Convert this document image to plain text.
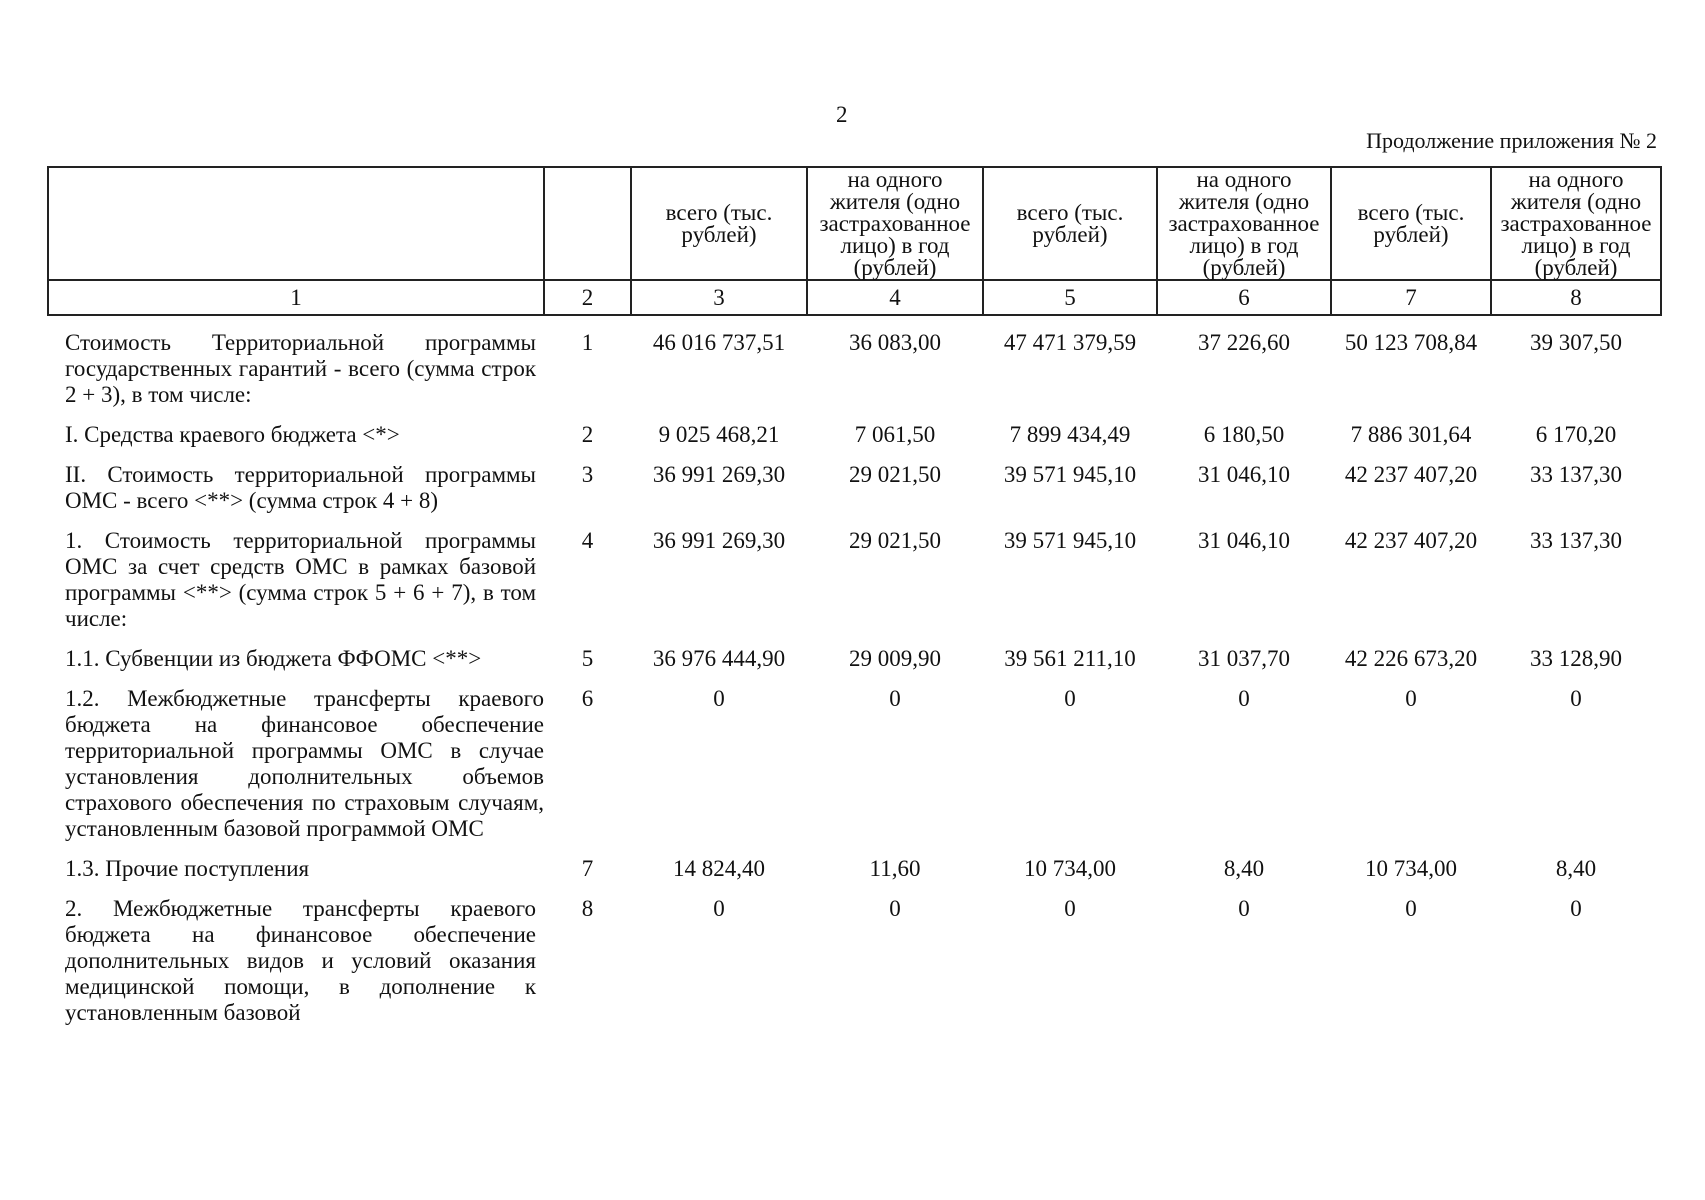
2
Продолжение приложения № 2
		всего (тыс. рублей)	на одного жителя (одно застрахованное лицо) в год (рублей)	всего (тыс. рублей)	на одного жителя (одно застрахованное лицо) в год (рублей)	всего (тыс. рублей)	на одного жителя (одно застрахованное лицо) в год (рублей)
1	2	3	4	5	6	7	8
Стоимость Территориальной программы государственных гарантий - всего (сумма строк 2 + 3), в том числе:	1	46 016 737,51	36 083,00	47 471 379,59	37 226,60	50 123 708,84	39 307,50
I. Средства краевого бюджета <*>	2	9 025 468,21	7 061,50	7 899 434,49	6 180,50	7 886 301,64	6 170,20
II. Стоимость территориальной программы ОМС - всего <**> (сумма строк 4 + 8)	3	36 991 269,30	29 021,50	39 571 945,10	31 046,10	42 237 407,20	33 137,30
1. Стоимость территориальной программы ОМС за счет средств ОМС в рамках базовой программы <**> (сумма строк 5 + 6 + 7), в том числе:	4	36 991 269,30	29 021,50	39 571 945,10	31 046,10	42 237 407,20	33 137,30
1.1. Субвенции из бюджета ФФОМС <**>	5	36 976 444,90	29 009,90	39 561 211,10	31 037,70	42 226 673,20	33 128,90
1.2. Межбюджетные трансферты краевого бюджета на финансовое обеспечение территориальной программы ОМС в случае установления дополнительных объемов страхового обеспечения по страховым случаям, установленным базовой программой ОМС	6	0	0	0	0	0	0
1.3. Прочие поступления	7	14 824,40	11,60	10 734,00	8,40	10 734,00	8,40
2. Межбюджетные трансферты краевого бюджета на финансовое обеспечение дополнительных видов и условий оказания медицинской помощи, в дополнение к установленным базовой	8	0	0	0	0	0	0
